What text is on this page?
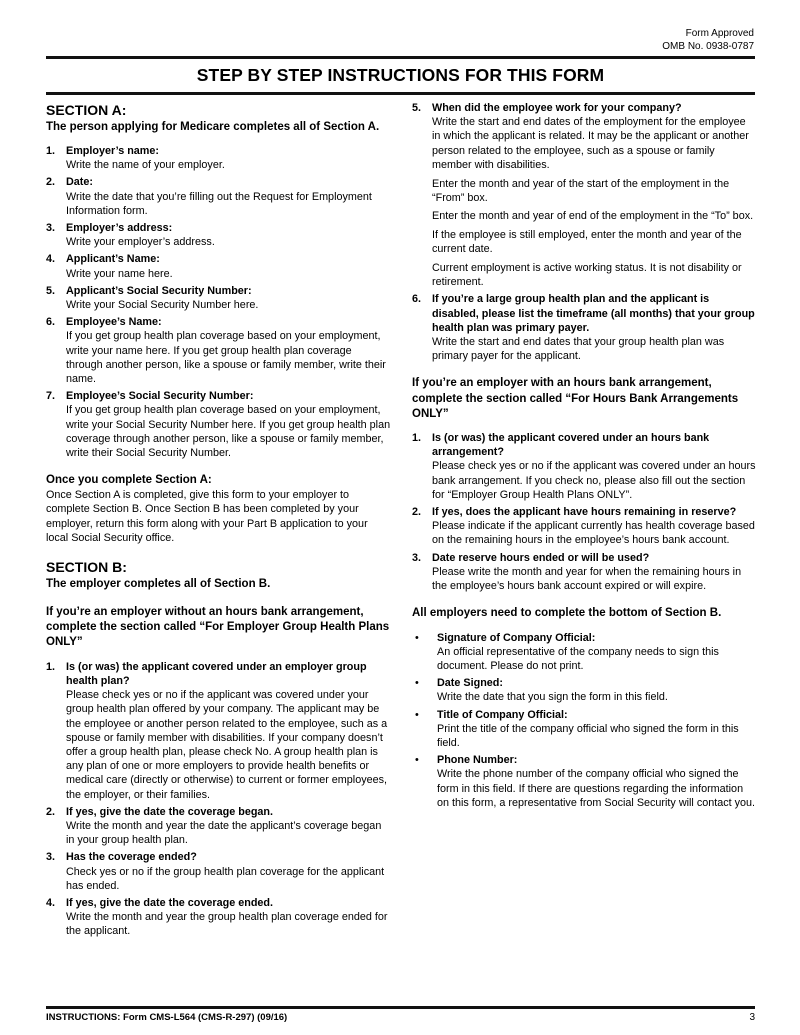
Form Approved
OMB No. 0938-0787
STEP BY STEP INSTRUCTIONS FOR THIS FORM
SECTION A:
The person applying for Medicare completes all of Section A.
1.	Employer’s name:
Write the name of your employer.
2.	Date:
Write the date that you’re filling out the Request for Employment Information form.
3.	Employer’s address:
Write your employer’s address.
4.	Applicant’s Name:
Write your name here.
5.	Applicant’s Social Security Number:
Write your Social Security Number here.
6.	Employee’s Name:
If you get group health plan coverage based on your employment, write your name here. If you get group health plan coverage through another person, like a spouse or family member, write their name.
7.	Employee’s Social Security Number:
If you get group health plan coverage based on your employment, write your Social Security Number here. If you get group health plan coverage through another person, like a spouse or family member, write their Social Security Number.
Once you complete Section A:
Once Section A is completed, give this form to your employer to complete Section B. Once Section B has been completed by your employer, return this form along with your Part B application to your local Social Security office.
SECTION B:
The employer completes all of Section B.
If you’re an employer without an hours bank arrangement, complete the section called “For Employer Group Health Plans ONLY”
1.	Is (or was) the applicant covered under an employer group health plan?
Please check yes or no if the applicant was covered under your group health plan offered by your company. The applicant may be the employee or another person related to the employee, such as a spouse or family member with disabilities. If your company doesn’t offer a group health plan, please check No. A group health plan is any plan of one or more employers to provide health benefits or medical care (directly or otherwise) to current or former employees, the employer, or their families.
2.	If yes, give the date the coverage began.
Write the month and year the date the applicant’s coverage began in your group health plan.
3.	Has the coverage ended?
Check yes or no if the group health plan coverage for the applicant has ended.
4.	If yes, give the date the coverage ended.
Write the month and year the group health plan coverage ended for the applicant.
5.	When did the employee work for your company?
Write the start and end dates of the employment for the employee in which the applicant is related. It may be the applicant or another person related to the employee, such as a spouse or family member with disabilities.
Enter the month and year of the start of the employment in the “From” box.
Enter the month and year of end of the employment in the “To” box.
If the employee is still employed, enter the month and year of the current date.
Current employment is active working status. It is not disability or retirement.
6.	If you’re a large group health plan and the applicant is disabled, please list the timeframe (all months) that your group health plan was primary payer.
Write the start and end dates that your group health plan was primary payer for the applicant.
If you’re an employer with an hours bank arrangement, complete the section called “For Hours Bank Arrangements ONLY”
1.	Is (or was) the applicant covered under an hours bank arrangement?
Please check yes or no if the applicant was covered under an hours bank arrangement. If you check no, please also fill out the section for “Employer Group Health Plans ONLY”.
2.	If yes, does the applicant have hours remaining in reserve?
Please indicate if the applicant currently has health coverage based on the remaining hours in the employee’s hours bank account.
3.	Date reserve hours ended or will be used?
Please write the month and year for when the remaining hours in the employee’s hours bank account expired or will expire.
All employers need to complete the bottom of Section B.
•	Signature of Company Official:
An official representative of the company needs to sign this document. Please do not print.
•	Date Signed:
Write the date that you sign the form in this field.
•	Title of Company Official:
Print the title of the company official who signed the form in this field.
•	Phone Number:
Write the phone number of the company official who signed the form in this field. If there are questions regarding the information on this form, a representative from Social Security will contact you.
INSTRUCTIONS: Form CMS-L564 (CMS-R-297) (09/16)	3
